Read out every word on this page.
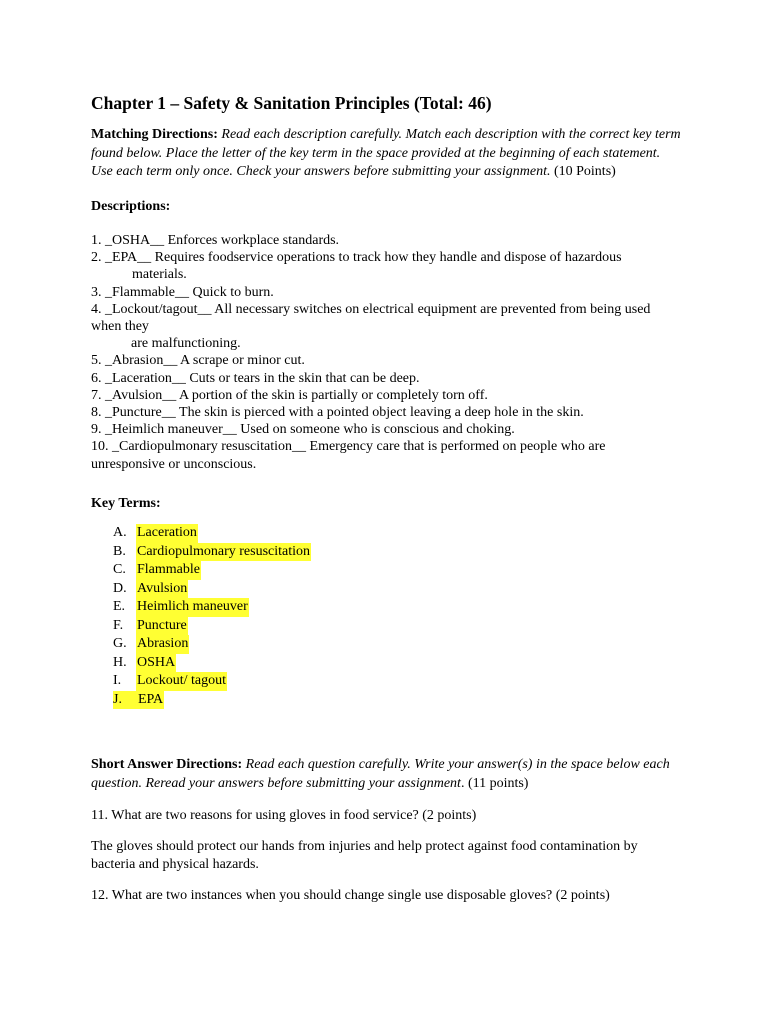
Chapter 1 – Safety & Sanitation Principles (Total: 46)

Matching Directions: Read each description carefully. Match each description with the correct key term found below. Place the letter of the key term in the space provided at the beginning of each statement. Use each term only once. Check your answers before submitting your assignment. (10 Points)

Descriptions:

1. _OSHA__ Enforces workplace standards.
2. _EPA__ Requires foodservice operations to track how they handle and dispose of hazardous
materials.
3. _Flammable__ Quick to burn.
4. _Lockout/tagout__ All necessary switches on electrical equipment are prevented from being used when they
are malfunctioning.
5. _Abrasion__ A scrape or minor cut.
6. _Laceration__ Cuts or tears in the skin that can be deep.
7. _Avulsion__ A portion of the skin is partially or completely torn off.
8. _Puncture__ The skin is pierced with a pointed object leaving a deep hole in the skin.
9. _Heimlich maneuver__ Used on someone who is conscious and choking.
10. _Cardiopulmonary resuscitation__ Emergency care that is performed on people who are unresponsive or unconscious.

Key Terms:

A. Laceration
B. Cardiopulmonary resuscitation
C. Flammable
D. Avulsion
E. Heimlich maneuver
F. Puncture
G. Abrasion
H. OSHA
I.	Lockout/ tagout
J.	EPA

Short Answer Directions: Read each question carefully. Write your answer(s) in the space below each question. Reread your answers before submitting your assignment. (11 points)

11. What are two reasons for using gloves in food service? (2 points)

The gloves should protect our hands from injuries and help protect against food contamination by bacteria and physical hazards.

12. What are two instances when you should change single use disposable gloves? (2 points)
